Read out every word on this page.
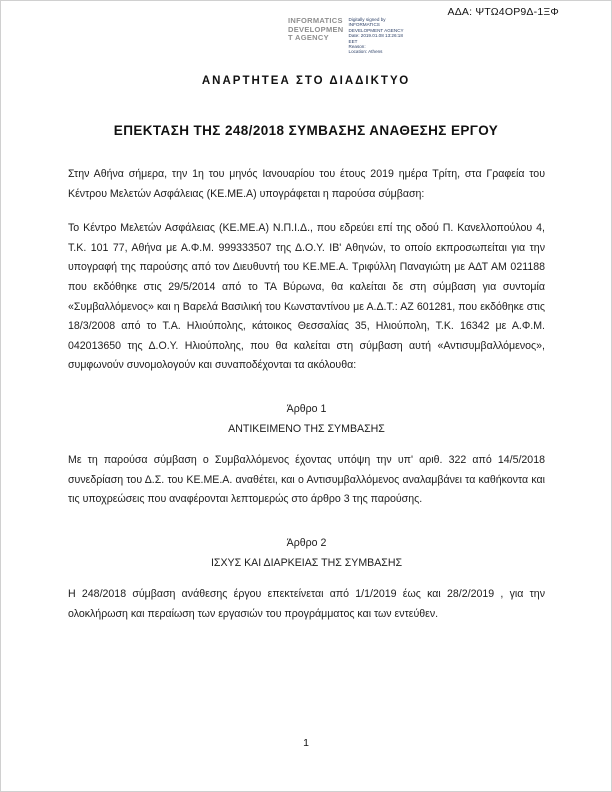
ΑΔΑ: ΨΤΩ4ΟΡ9Δ-1ΞΦ
INFORMATICS
DEVELOPMEN
T AGENCY
Digitally signed by
INFORMATICS
DEVELOPMENT AGENCY
Date: 2019.01.08 13:26:18
EET
Reason:
Location: Athens
ΑΝΑΡΤΗΤΕΑ ΣΤΟ ΔΙΑΔΙΚΤΥΟ
ΕΠΕΚΤΑΣΗ ΤΗΣ 248/2018 ΣΥΜΒΑΣΗΣ ΑΝΑΘΕΣΗΣ ΕΡΓΟΥ

Στην Αθήνα σήμερα, την 1η του μηνός Ιανουαρίου του έτους 2019 ημέρα Τρίτη, στα Γραφεία του Κέντρου Μελετών Ασφάλειας (ΚΕ.ΜΕ.Α) υπογράφεται η παρούσα σύμβαση:

Το Κέντρο Μελετών Ασφάλειας (ΚΕ.ΜΕ.Α) Ν.Π.Ι.Δ., που εδρεύει επί της οδού Π. Κανελλοπούλου 4, Τ.Κ. 101 77, Αθήνα με Α.Φ.Μ. 999333507 της Δ.Ο.Υ. ΙΒ' Αθηνών, το οποίο εκπροσωπείται για την υπογραφή της παρούσης από τον Διευθυντή του ΚΕ.ΜΕ.Α. Τριφύλλη Παναγιώτη με ΑΔΤ ΑΜ 021188 που εκδόθηκε στις 29/5/2014 από το ΤΑ Βύρωνα, θα καλείται δε στη σύμβαση για συντομία «Συμβαλλόμενος» και η Βαρελά Βασιλική του Κωνσταντίνου με Α.Δ.Τ.: ΑΖ 601281, που εκδόθηκε στις 18/3/2008 από το Τ.Α. Ηλιούπολης, κάτοικος Θεσσαλίας 35, Ηλιούπολη, Τ.Κ. 16342 με Α.Φ.Μ. 042013650 της Δ.Ο.Υ. Ηλιούπολης, που θα καλείται στη σύμβαση αυτή «Αντισυμβαλλόμενος», συμφωνούν συνομολογούν και συναποδέχονται τα ακόλουθα:

Άρθρο 1
ΑΝΤΙΚΕΙΜΕΝΟ ΤΗΣ ΣΥΜΒΑΣΗΣ

Με τη παρούσα σύμβαση ο Συμβαλλόμενος έχοντας υπόψη την υπ' αριθ. 322 από 14/5/2018 συνεδρίαση του Δ.Σ. του ΚΕ.ΜΕ.Α. αναθέτει, και ο Αντισυμβαλλόμενος αναλαμβάνει τα καθήκοντα και τις υποχρεώσεις που αναφέρονται λεπτομερώς στο άρθρο 3 της παρούσης.

Άρθρο 2
ΙΣΧΥΣ ΚΑΙ ΔΙΑΡΚΕΙΑΣ ΤΗΣ ΣΥΜΒΑΣΗΣ

Η 248/2018 σύμβαση ανάθεσης έργου επεκτείνεται από 1/1/2019 έως και 28/2/2019 , για την ολοκλήρωση και περαίωση των εργασιών του προγράμματος και των εντεύθεν.

1
